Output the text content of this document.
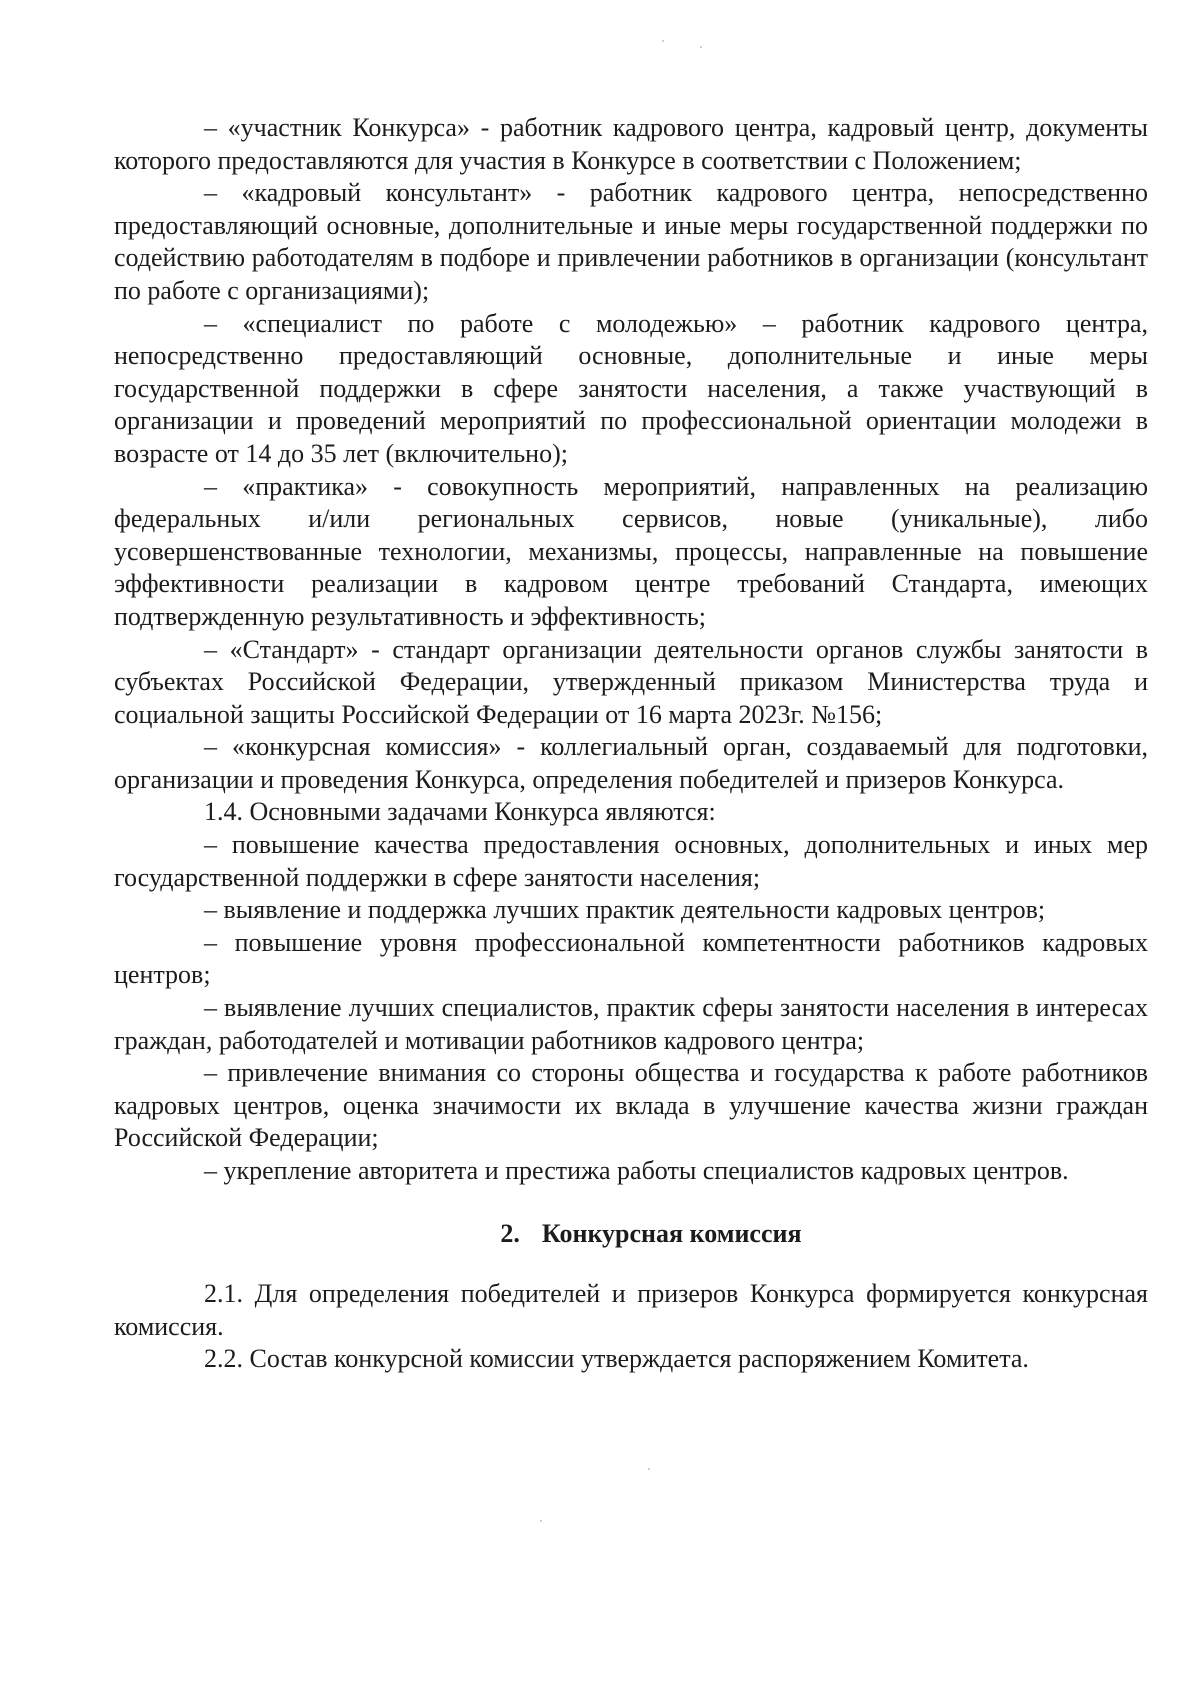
– «участник Конкурса» - работник кадрового центра, кадровый центр, документы которого предоставляются для участия в Конкурсе в соответствии с Положением;

– «кадровый консультант» - работник кадрового центра, непосредственно предоставляющий основные, дополнительные и иные меры государственной поддержки по содействию работодателям в подборе и привлечении работников в организации (консультант по работе с организациями);

– «специалист по работе с молодежью» – работник кадрового центра, непосредственно предоставляющий основные, дополнительные и иные меры государственной поддержки в сфере занятости населения, а также участвующий в организации и проведений мероприятий по профессиональной ориентации молодежи в возрасте от 14 до 35 лет (включительно);

– «практика» - совокупность мероприятий, направленных на реализацию федеральных и/или региональных сервисов, новые (уникальные), либо усовершенствованные технологии, механизмы, процессы, направленные на повышение эффективности реализации в кадровом центре требований Стандарта, имеющих подтвержденную результативность и эффективность;

– «Стандарт» - стандарт организации деятельности органов службы занятости в субъектах Российской Федерации, утвержденный приказом Министерства труда и социальной защиты Российской Федерации от 16 марта 2023г. №156;

– «конкурсная комиссия» - коллегиальный орган, создаваемый для подготовки, организации и проведения Конкурса, определения победителей и призеров Конкурса.

1.4. Основными задачами Конкурса являются:

– повышение качества предоставления основных, дополнительных и иных мер государственной поддержки в сфере занятости населения;

– выявление и поддержка лучших практик деятельности кадровых центров;

– повышение уровня профессиональной компетентности работников кадровых центров;

– выявление лучших специалистов, практик сферы занятости населения в интересах граждан, работодателей и мотивации работников кадрового центра;

– привлечение внимания со стороны общества и государства к работе работников кадровых центров, оценка значимости их вклада в улучшение качества жизни граждан Российской Федерации;

– укрепление авторитета и престижа работы специалистов кадровых центров.

2. Конкурсная комиссия

2.1. Для определения победителей и призеров Конкурса формируется конкурсная комиссия.

2.2. Состав конкурсной комиссии утверждается распоряжением Комитета.
